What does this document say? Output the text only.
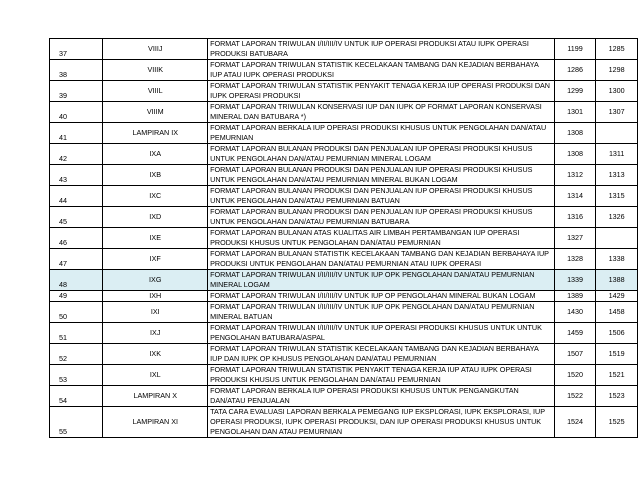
37	VIIIJ	FORMAT LAPORAN TRIWULAN I/II/III/IV UNTUK IUP OPERASI PRODUKSI ATAU IUPK OPERASI PRODUKSI BATUBARA	1199	1285
38	VIIIK	FORMAT LAPORAN TRIWULAN STATISTIK KECELAKAAN TAMBANG DAN KEJADIAN BERBAHAYA IUP ATAU IUPK OPERASI PRODUKSI	1286	1298
39	VIIIL	FORMAT LAPORAN TRIWULAN STATISTIK PENYAKIT TENAGA KERJA IUP OPERASI PRODUKSI DAN IUPK OPERASI PRODUKSI	1299	1300
40	VIIIM	FORMAT LAPORAN TRIWULAN KONSERVASI IUP DAN IUPK OP FORMAT LAPORAN KONSERVASI MINERAL DAN BATUBARA *)	1301	1307
41	LAMPIRAN IX	FORMAT LAPORAN BERKALA IUP OPERASI PRODUKSI KHUSUS UNTUK PENGOLAHAN DAN/ATAU PEMURNIAN	1308	
42	IXA	FORMAT LAPORAN BULANAN PRODUKSI DAN PENJUALAN IUP OPERASI PRODUKSI KHUSUS UNTUK PENGOLAHAN DAN/ATAU PEMURNIAN MINERAL LOGAM	1308	1311
43	IXB	FORMAT LAPORAN BULANAN PRODUKSI DAN PENJUALAN IUP OPERASI PRODUKSI KHUSUS UNTUK PENGOLAHAN DAN/ATAU PEMURNIAN MINERAL BUKAN LOGAM	1312	1313
44	IXC	FORMAT LAPORAN BULANAN PRODUKSI DAN PENJUALAN IUP OPERASI PRODUKSI KHUSUS UNTUK PENGOLAHAN DAN/ATAU PEMURNIAN BATUAN	1314	1315
45	IXD	FORMAT LAPORAN BULANAN PRODUKSI DAN PENJUALAN IUP OPERASI PRODUKSI KHUSUS UNTUK PENGOLAHAN DAN/ATAU PEMURNIAN BATUBARA	1316	1326
46	IXE	FORMAT LAPORAN BULANAN ATAS KUALITAS AIR LIMBAH PERTAMBANGAN IUP OPERASI PRODUKSI KHUSUS UNTUK PENGOLAHAN DAN/ATAU PEMURNIAN	1327	
47	IXF	FORMAT LAPORAN BULANAN STATISTIK KECELAKAAN TAMBANG DAN KEJADIAN BERBAHAYA IUP PRODUKSI UNTUK PENGOLAHAN DAN/ATAU PEMURNIAN ATAU IUPK OPERASI	1328	1338
48	IXG	FORMAT LAPORAN TRIWULAN I/II/III/IV UNTUK IUP OPK PENGOLAHAN DAN/ATAU PEMURNIAN MINERAL LOGAM	1339	1388
49	IXH	FORMAT LAPORAN TRIWULAN I/II/III/IV UNTUK IUP OP PENGOLAHAN MINERAL BUKAN LOGAM	1389	1429
50	IXI	FORMAT LAPORAN TRIWULAN I/II/III/IV UNTUK IUP OPK PENGOLAHAN DAN/ATAU PEMURNIAN MINERAL BATUAN	1430	1458
51	IXJ	FORMAT LAPORAN TRIWULAN I/II/III/IV UNTUK IUP OPERASI PRODUKSI KHUSUS UNTUK UNTUK PENGOLAHAN BATUBARA/ASPAL	1459	1506
52	IXK	FORMAT LAPORAN TRIWULAN STATISTIK KECELAKAAN TAMBANG DAN KEJADIAN BERBAHAYA IUP DAN IUPK OP KHUSUS PENGOLAHAN DAN/ATAU PEMURNIAN	1507	1519
53	IXL	FORMAT LAPORAN TRIWULAN STATISTIK PENYAKIT TENAGA KERJA IUP ATAU IUPK OPERASI PRODUKSI KHUSUS UNTUK PENGOLAHAN DAN/ATAU PEMURNIAN	1520	1521
54	LAMPIRAN X	FORMAT LAPORAN BERKALA IUP OPERASI PRODUKSI KHUSUS UNTUK PENGANGKUTAN DAN/ATAU PENJUALAN	1522	1523
55	LAMPIRAN XI	TATA CARA EVALUASI LAPORAN BERKALA PEMEGANG IUP EKSPLORASI, IUPK EKSPLORASI, IUP OPERASI PRODUKSI, IUPK OPERASI PRODUKSI, DAN IUP OPERASI PRODUKSI KHUSUS UNTUK PENGOLAHAN DAN ATAU PEMURNIAN	1524	1525
